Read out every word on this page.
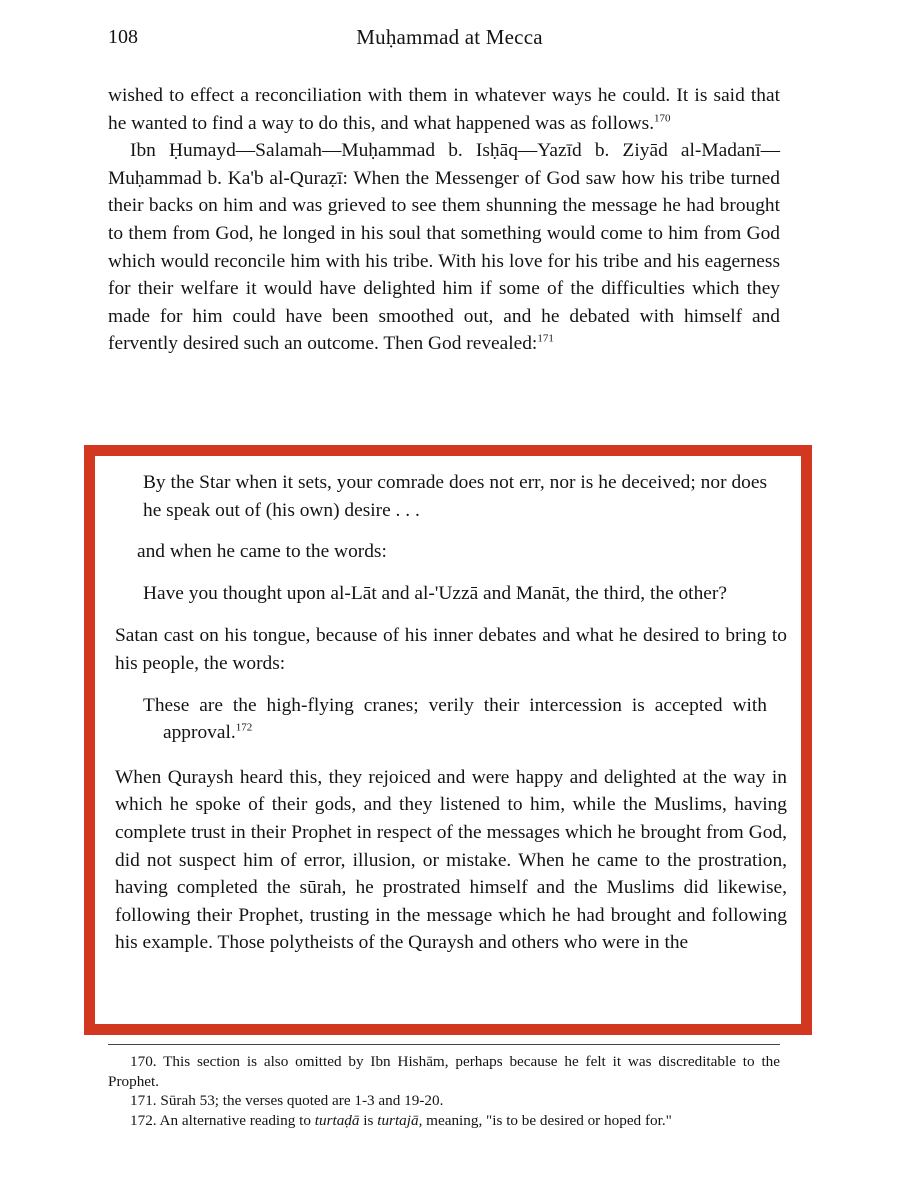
108	Muḥammad at Mecca

wished to effect a reconciliation with them in whatever ways he could. It is said that he wanted to find a way to do this, and what happened was as follows.$^{170}$

Ibn Ḥumayd—Salamah—Muḥammad b. Isḥāq—Yazīd b. Ziyād al-Madanī—Muḥammad b. Ka'b al-Quraẓī: When the Messenger of God saw how his tribe turned their backs on him and was grieved to see them shunning the message he had brought to them from God, he longed in his soul that something would come to him from God which would reconcile him with his tribe. With his love for his tribe and his eagerness for their welfare it would have delighted him if some of the difficulties which they made for him could have been smoothed out, and he debated with himself and fervently desired such an outcome. Then God revealed:$^{171}$

By the Star when it sets, your comrade does not err, nor is he deceived; nor does he speak out of (his own) desire . . .

and when he came to the words:

Have you thought upon al-Lāt and al-'Uzzā and Manāt, the third, the other?

Satan cast on his tongue, because of his inner debates and what he desired to bring to his people, the words:

These are the high-flying cranes; verily their intercession is accepted with approval.$^{172}$

When Quraysh heard this, they rejoiced and were happy and delighted at the way in which he spoke of their gods, and they listened to him, while the Muslims, having complete trust in their Prophet in respect of the messages which he brought from God, did not suspect him of error, illusion, or mistake. When he came to the prostration, having completed the sūrah, he prostrated himself and the Muslims did likewise, following their Prophet, trusting in the message which he had brought and following his example. Those polytheists of the Quraysh and others who were in the

170. This section is also omitted by Ibn Hishām, perhaps because he felt it was discreditable to the Prophet.

171. Sūrah 53; the verses quoted are 1-3 and 19-20.

172. An alternative reading to turtaḍā is turtajā, meaning, "is to be desired or hoped for."
